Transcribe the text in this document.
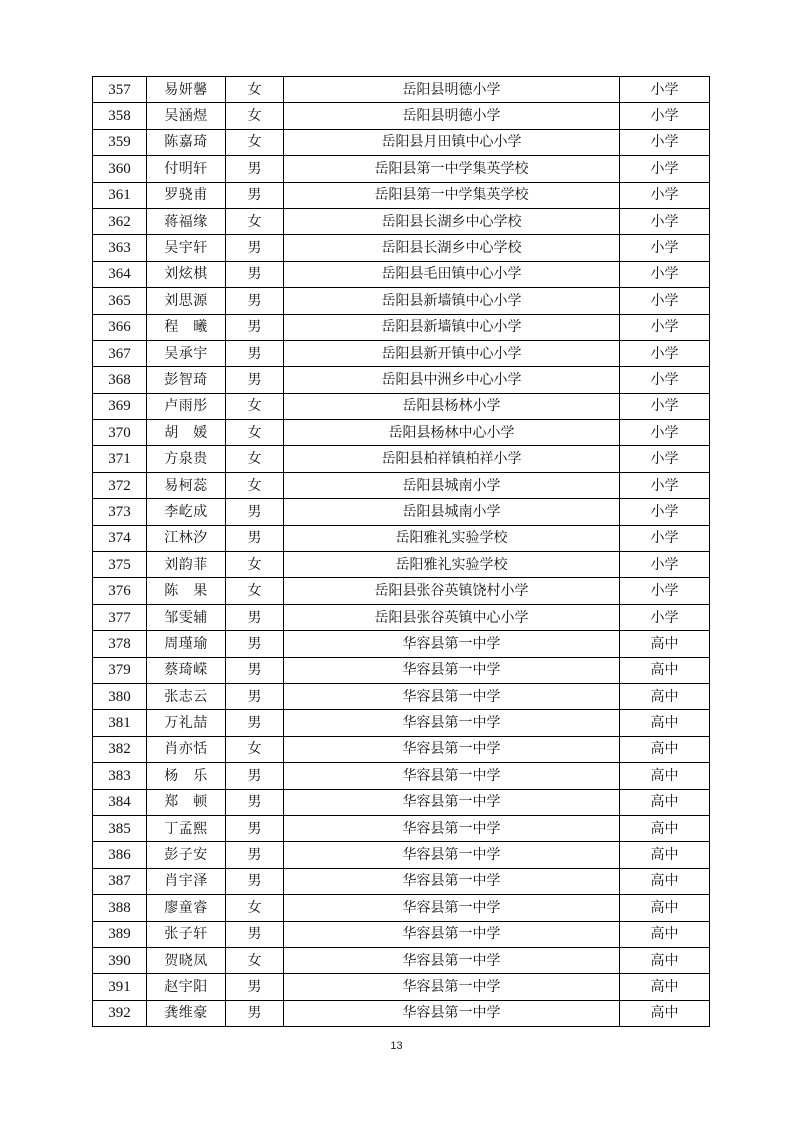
357	易妍馨	女	岳阳县明德小学	小学
358	吴涵煜	女	岳阳县明德小学	小学
359	陈嘉琦	女	岳阳县月田镇中心小学	小学
360	付明轩	男	岳阳县第一中学集英学校	小学
361	罗骁甫	男	岳阳县第一中学集英学校	小学
362	蒋福缘	女	岳阳县长湖乡中心学校	小学
363	吴宇轩	男	岳阳县长湖乡中心学校	小学
364	刘炫棋	男	岳阳县毛田镇中心小学	小学
365	刘思源	男	岳阳县新墙镇中心小学	小学
366	程　曦	男	岳阳县新墙镇中心小学	小学
367	吴承宇	男	岳阳县新开镇中心小学	小学
368	彭智琦	男	岳阳县中洲乡中心小学	小学
369	卢雨彤	女	岳阳县杨林小学	小学
370	胡　媛	女	岳阳县杨林中心小学	小学
371	方泉贵	女	岳阳县柏祥镇柏祥小学	小学
372	易柯蕊	女	岳阳县城南小学	小学
373	李屹成	男	岳阳县城南小学	小学
374	江林汐	男	岳阳雅礼实验学校	小学
375	刘韵菲	女	岳阳雅礼实验学校	小学
376	陈　果	女	岳阳县张谷英镇饶村小学	小学
377	邹雯辅	男	岳阳县张谷英镇中心小学	小学
378	周瑾瑜	男	华容县第一中学	高中
379	蔡琦嵘	男	华容县第一中学	高中
380	张志云	男	华容县第一中学	高中
381	万礼喆	男	华容县第一中学	高中
382	肖亦恬	女	华容县第一中学	高中
383	杨　乐	男	华容县第一中学	高中
384	郑　顿	男	华容县第一中学	高中
385	丁孟熙	男	华容县第一中学	高中
386	彭子安	男	华容县第一中学	高中
387	肖宇泽	男	华容县第一中学	高中
388	廖童睿	女	华容县第一中学	高中
389	张子轩	男	华容县第一中学	高中
390	贺晓凤	女	华容县第一中学	高中
391	赵宇阳	男	华容县第一中学	高中
392	龚维豪	男	华容县第一中学	高中
13
